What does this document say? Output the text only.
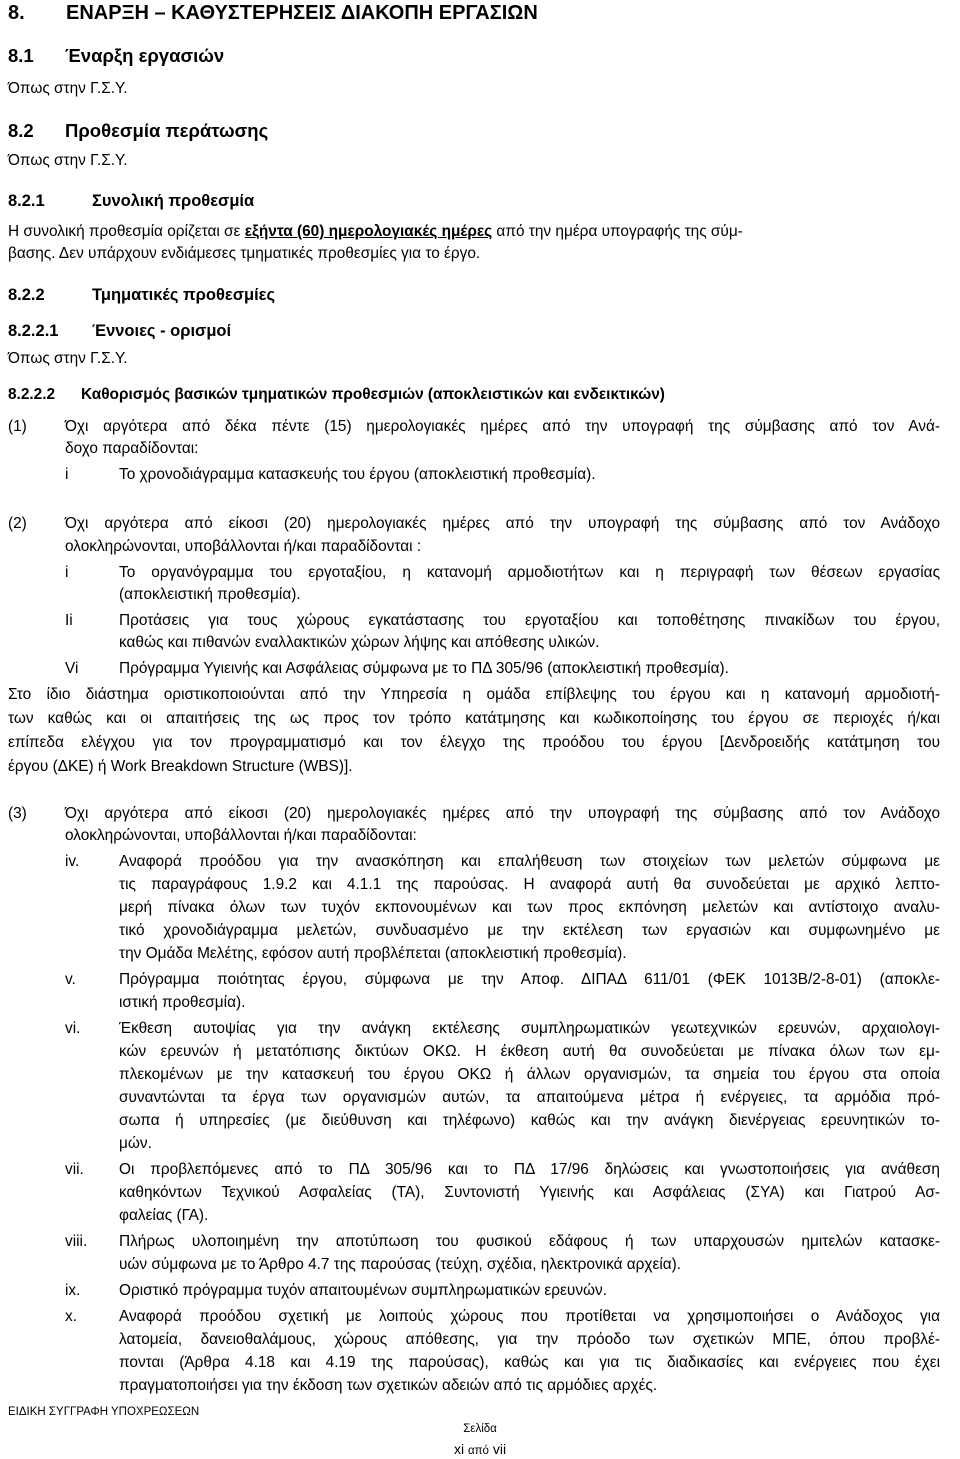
8. ΕΝΑΡΞΗ – ΚΑΘΥΣΤΕΡΗΣΕΙΣ ΔΙΑΚΟΠΗ ΕΡΓΑΣΙΩΝ
8.1 Έναρξη εργασιών
Όπως στην Γ.Σ.Υ.
8.2 Προθεσμία περάτωσης
Όπως στην Γ.Σ.Υ.
8.2.1	Συνολική προθεσμία
Η συνολική προθεσμία ορίζεται σε εξήντα (60) ημερολογιακές ημέρες από την ημέρα υπογραφής της σύμ-
βασης. Δεν υπάρχουν ενδιάμεσες τμηματικές προθεσμίες για το έργο.
8.2.2	Τμηματικές προθεσμίες
8.2.2.1 Έννοιες - ορισμοί
Όπως στην Γ.Σ.Υ.
8.2.2.2 Καθορισμός βασικών τμηματικών προθεσμιών (αποκλειστικών και ενδεικτικών)
(1) Όχι αργότερα από δέκα πέντε (15) ημερολογιακές ημέρες από την υπογραφή της σύμβασης από τον Ανά-
δοχο παραδίδονται:
i	Το χρονοδιάγραμμα κατασκευής του έργου (αποκλειστική προθεσμία).
(2) Όχι αργότερα από είκοσι (20) ημερολογιακές ημέρες από την υπογραφή της σύμβασης από τον Ανάδοχο
ολοκληρώνονται, υποβάλλονται ή/και παραδίδονται :
i	Το οργανόγραμμα του εργοταξίου, η κατανομή αρμοδιοτήτων και η περιγραφή των θέσεων εργασίας
(αποκλειστική προθεσμία).
Ii	Προτάσεις για τους χώρους εγκατάστασης του εργοταξίου και τοποθέτησης πινακίδων του έργου,
καθώς και πιθανών εναλλακτικών χώρων λήψης και απόθεσης υλικών.
Vi	Πρόγραμμα Υγιεινής και Ασφάλειας σύμφωνα με το ΠΔ 305/96 (αποκλειστική προθεσμία).
Στο ίδιο διάστημα οριστικοποιούνται από την Υπηρεσία η ομάδα επίβλεψης του έργου και η κατανομή αρμοδιοτή-
των καθώς και οι απαιτήσεις της ως προς τον τρόπο κατάτμησης και κωδικοποίησης του έργου σε περιοχές ή/και
επίπεδα ελέγχου για τον προγραμματισμό και τον έλεγχο της προόδου του έργου [Δενδροειδής κατάτμηση του
έργου (ΔΚΕ) ή Work Breakdown Structure (WBS)].
(3) Όχι αργότερα από είκοσι (20) ημερολογιακές ημέρες από την υπογραφή της σύμβασης από τον Ανάδοχο
ολοκληρώνονται, υποβάλλονται ή/και παραδίδονται:
iv.	Αναφορά προόδου για την ανασκόπηση και επαλήθευση των στοιχείων των μελετών σύμφωνα με
τις παραγράφους 1.9.2 και 4.1.1 της παρούσας. Η αναφορά αυτή θα συνοδεύεται με αρχικό λεπτο-
μερή πίνακα όλων των τυχόν εκπονουμένων και των προς εκπόνηση μελετών και αντίστοιχο αναλυ-
τικό χρονοδιάγραμμα μελετών, συνδυασμένο με την εκτέλεση των εργασιών και συμφωνημένο με
την Ομάδα Μελέτης, εφόσον αυτή προβλέπεται (αποκλειστική προθεσμία).
v.	Πρόγραμμα ποιότητας έργου, σύμφωνα με την Αποφ. ΔΙΠΑΔ 611/01 (ΦΕΚ 1013Β/2-8-01) (αποκλε-
ιστική προθεσμία).
vi.	Έκθεση αυτοψίας για την ανάγκη εκτέλεσης συμπληρωματικών γεωτεχνικών ερευνών, αρχαιολογι-
κών ερευνών ή μετατόπισης δικτύων ΟΚΩ. Η έκθεση αυτή θα συνοδεύεται με πίνακα όλων των εμ-
πλεκομένων με την κατασκευή του έργου ΟΚΩ ή άλλων οργανισμών, τα σημεία του έργου στα οποία
συναντώνται τα έργα των οργανισμών αυτών, τα απαιτούμενα μέτρα ή ενέργειες, τα αρμόδια πρό-
σωπα ή υπηρεσίες (με διεύθυνση και τηλέφωνο) καθώς και την ανάγκη διενέργειας ερευνητικών το-
μών.
vii. Οι προβλεπόμενες από το ΠΔ 305/96 και το ΠΔ 17/96 δηλώσεις και γνωστοποιήσεις για ανάθεση
καθηκόντων Τεχνικού Ασφαλείας (ΤΑ), Συντονιστή Υγιεινής και Ασφάλειας (ΣΥΑ) και Γιατρού Ασ-
φαλείας (ΓΑ).
viii. Πλήρως υλοποιημένη την αποτύπωση του φυσικού εδάφους ή των υπαρχουσών ημιτελών κατασκε-
υών σύμφωνα με το Άρθρο 4.7 της παρούσας (τεύχη, σχέδια, ηλεκτρονικά αρχεία).
ix.	Οριστικό πρόγραμμα τυχόν απαιτουμένων συμπληρωματικών ερευνών.
x.	Αναφορά προόδου σχετική με λοιπούς χώρους που προτίθεται να χρησιμοποιήσει ο Ανάδοχος για
λατομεία, δανειοθαλάμους, χώρους απόθεσης, για την πρόοδο των σχετικών ΜΠΕ, όπου προβλέ-
πονται (Άρθρα 4.18 και 4.19 της παρούσας), καθώς και για τις διαδικασίες και ενέργειες που έχει
πραγματοποιήσει για την έκδοση των σχετικών αδειών από τις αρμόδιες αρχές.
ΕΙΔΙΚΗ ΣΥΓΓΡΑΦΗ ΥΠΟΧΡΕΩΣΕΩΝ
Σελίδα
xi από vii
